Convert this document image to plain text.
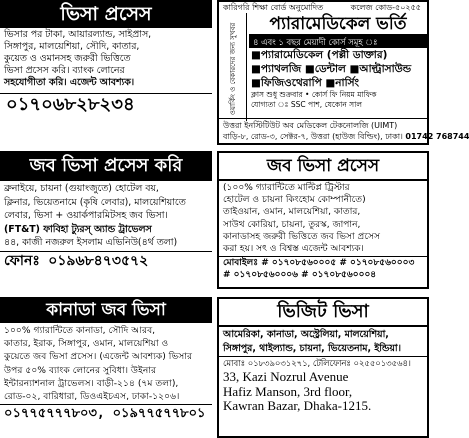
ভিসা প্রসেস
ভিসার পর টাকা, আয়ারল্যান্ড, সাইপ্রাস,
সিঙ্গাপুর, মালয়েশিয়া, সৌদি, কাতার,
কুয়েত ও ওমানসহ জরুরী ভিত্তিতে
ভিসা প্রসেস করি। ব্যাংক লোনের
সহযোগীতা করি। এজেন্ট আবশ্যক।
০১৭০৬৮২৮২৩৪
কারিগরি শিক্ষা বোর্ড অনুমোদিত	কলেজ কোড-৫০২৫৫
ওয়ার্কিং ও বেকারদের জন্য সুখবর	প্যারামেডিকেল ভর্তি
৪ এবং ১ বছর মেয়াদী কোর্স সমূহ ঃ
■প্যারামেডিকেল (পল্লী ডাক্তার)
■প্যাথলজি ■ডেন্টাল ■আল্ট্রাসাউন্ড
■ফিজিওথেরাপি ■নার্সিং
ক্লাস শুধু শুক্রবার • কোর্স ফি নিয়ম মাফিক
যোগ্যতা ঃ SSC পাশ, যেকোন সাল
উত্তরা ইনস্টিটিউট অব মেডিকেল টেকনোলজি (UIMT)
বাড়ি-৮, রোড-৩, সেক্টর-৭, উত্তরা (হাউজ বিল্ডিং), ঢাকা। 01742 768744
জব ভিসা প্রসেস করি
ব্রুনাইয়ে, চায়না (গুয়াংজুতে) হোটেল বয়,
ক্লিনার, ভিয়েতনামে (কৃষি লেবার), মালয়েশিয়াতে
লেবার, ভিসা + ওয়ার্কপারমিটসহ জব ভিসা।
(FT&T) ফাবিহা ট্যুরস্ অ্যান্ড ট্রাভেলস
৪৪, কাজী নজরুল ইসলাম এভিনিউ(৪র্থ তলা)
ফোনঃ ০১৯৬৮৪৭৩৫৭২
জব ভিসা প্রসেস
(১০০% গ্যারান্টিতে মাল্টিপ্ল ট্রিস্টার
হোটেল ও চায়না কিংহোম কোম্পানীতে)
তাইওয়ান, ওমান, মালয়েশিয়া, কাতার,
সাউথ কোরিয়া, চায়না, তুরস্ক, জাপান,
কানাডাসহ জরুরী ভিত্তিতে জব ভিসা প্রসেস
করা হয়। সৎ ও বিশ্বস্ত এজেন্ট আবশ্যক।
মোবাইলঃ # ০১৭০৮৫৬০০০৫ # ০১৭০৮৫৬০০০৩
# ০১৭০৮৫৬০০০৬ # ০১৭০৮৫৬০০০৪
কানাডা জব ভিসা
১০০% গ্যারান্টিতে কানাডা, সৌদি আরব,
কাতার, ইরাক, সিঙ্গাপুর, ওমান, মালয়েশিয়া ও
কুয়েতে জব ভিসা প্রসেস। (এজেন্ট আবশ্যক) ভিসার
উপর ৫০% ব্যাংক লোনের সুবিধা। উইনার
ইন্টারন্যাশনাল ট্রাভেলস। বাড়ী-২১৪ (৭ম তলা),
রোড-০২, বারিধারা, ডিওএইচএস, ঢাকা-১২০৬।
০১৭৭৫৭৭৭৮০৩, ০১৯৭৭৫৭৭৮০১
ভিজিট ভিসা
আমেরিকা, কানাডা, অস্ট্রেলিয়া, মালয়েশিয়া,
সিঙ্গাপুর, থাইল্যান্ড, চায়না, ভিয়েতনাম, ইন্ডিয়া।
মোবাঃ ০১৮৩৯০৩১২৭১, টেলিফোনঃ ০২৫৫০১৩৫৬৪।
33, Kazi Nozrul Avenue
Hafiz Manson, 3rd floor,
Kawran Bazar, Dhaka-1215.
